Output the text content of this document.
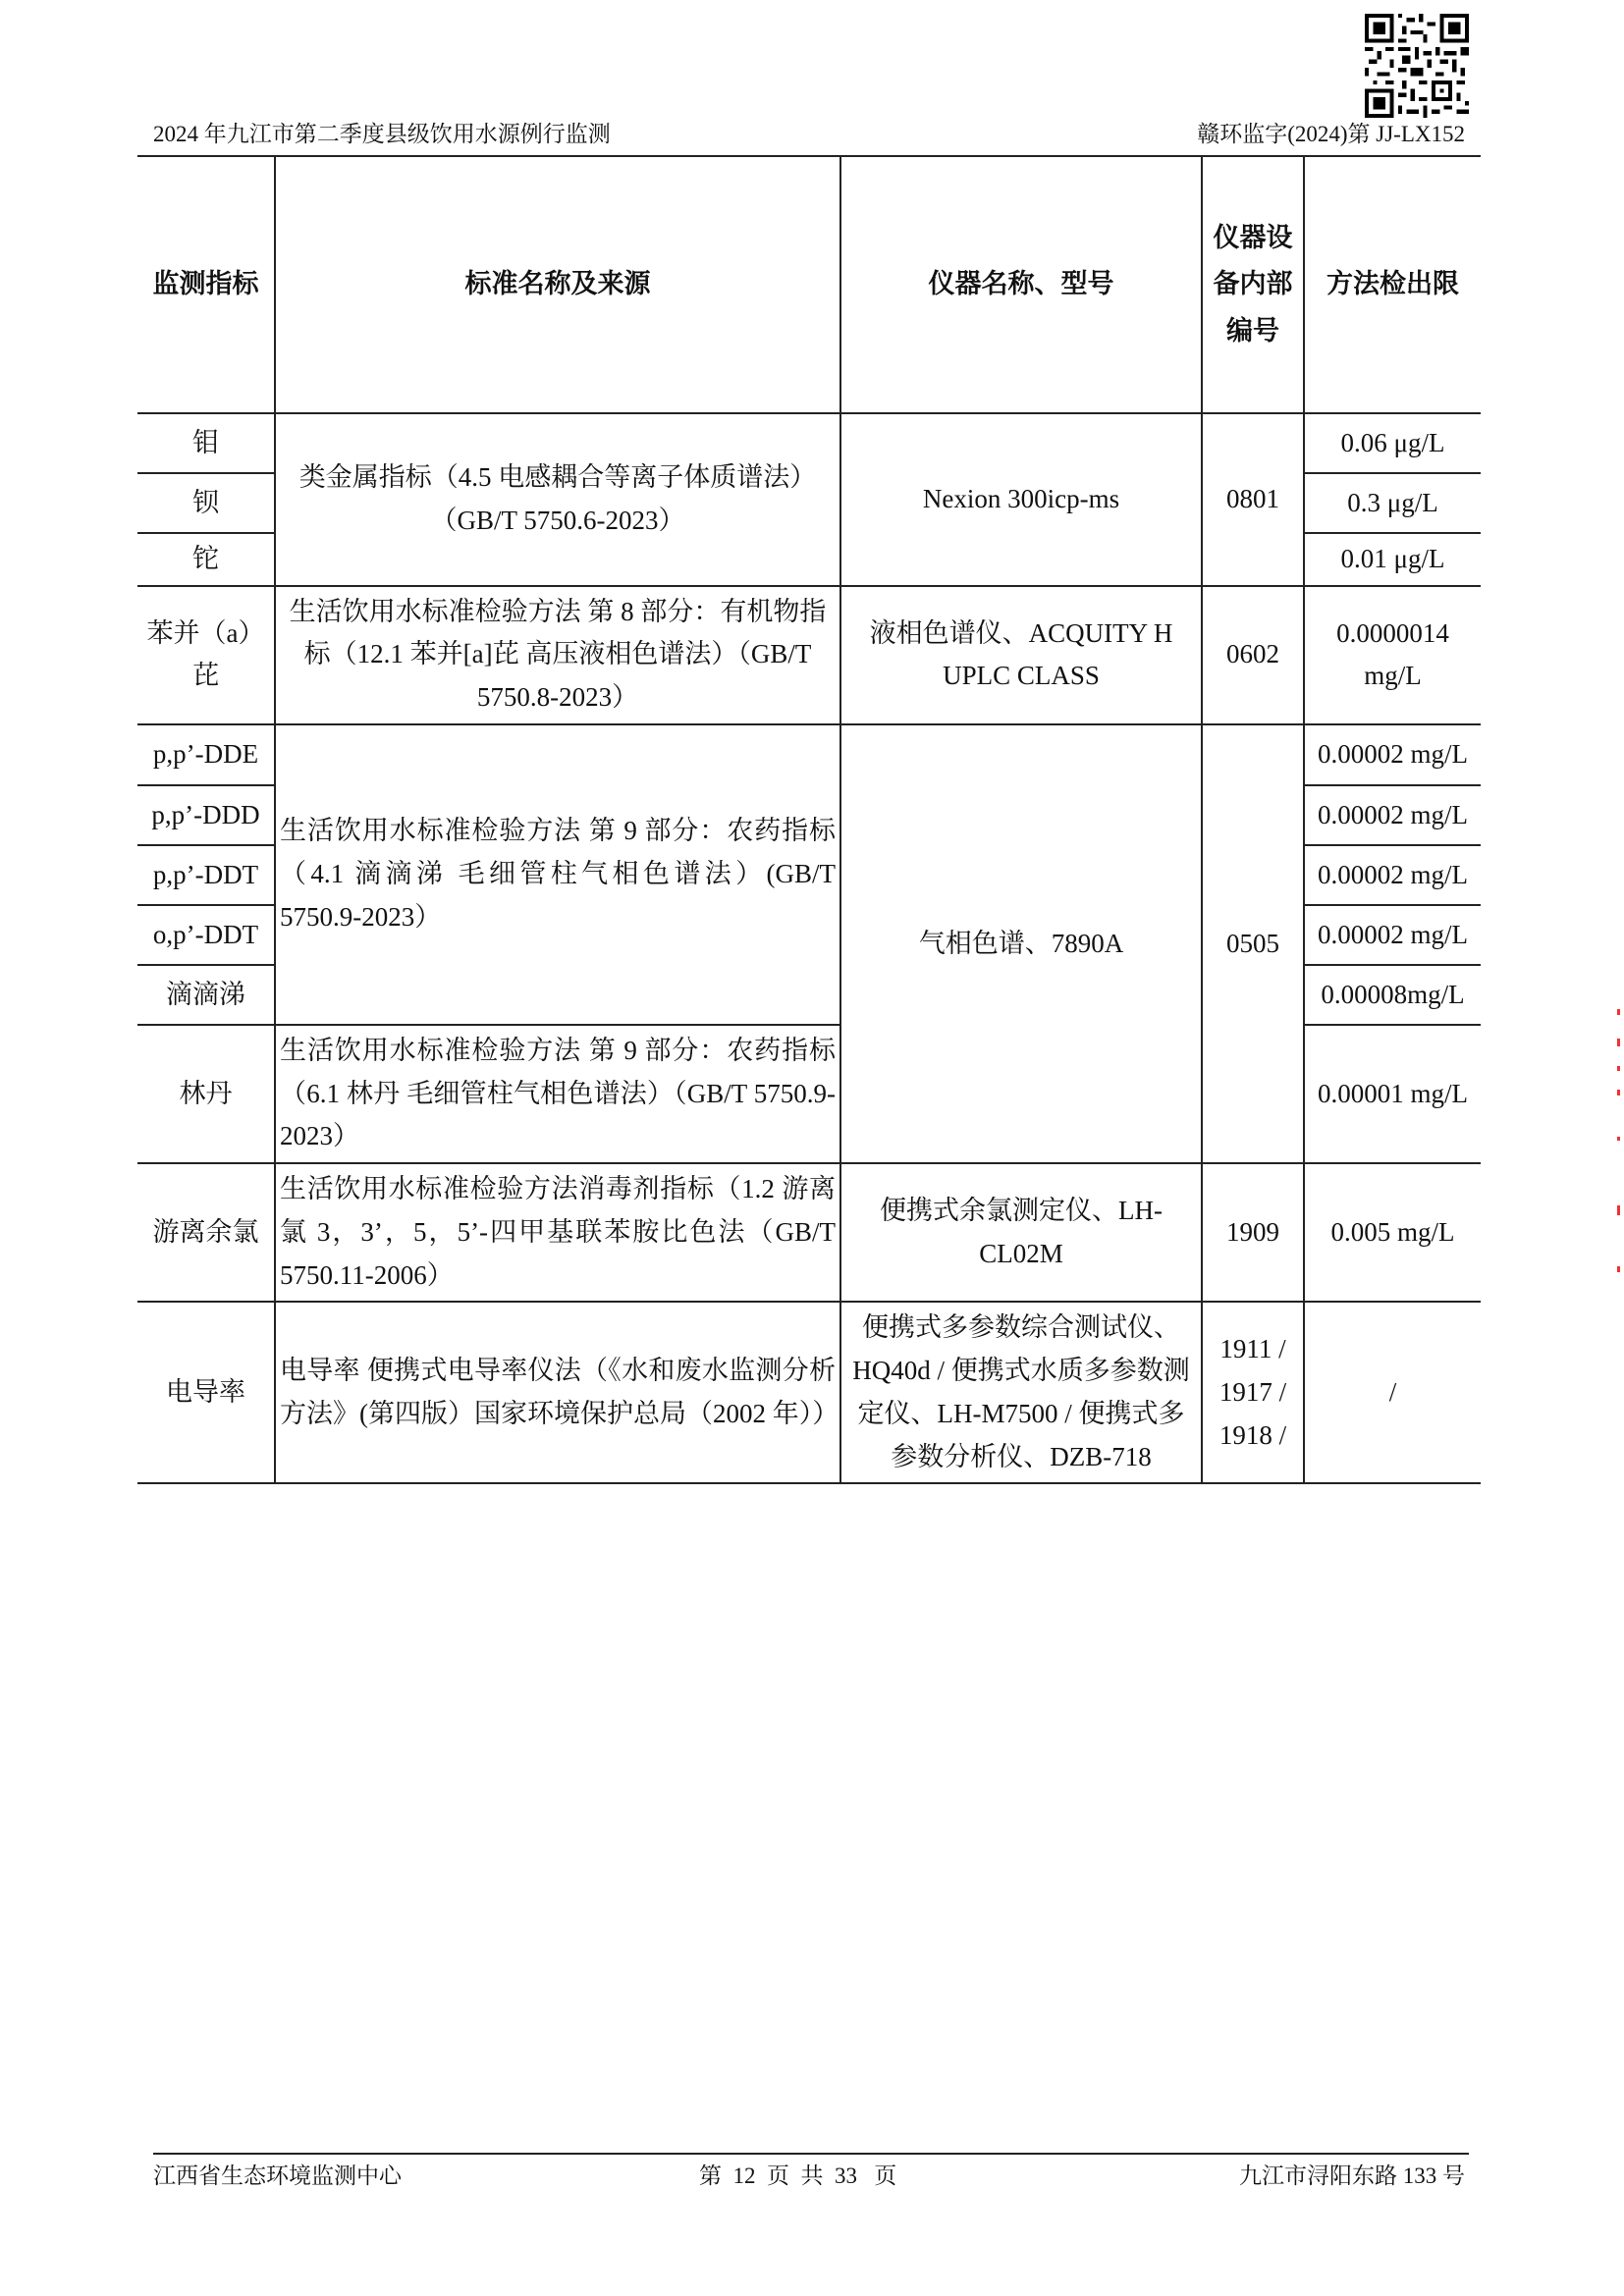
2024 年九江市第二季度县级饮用水源例行监测	赣环监字(2024)第 JJ-LX152
监测指标	标准名称及来源	仪器名称、型号	仪器设备内部编号	方法检出限
钼	类金属指标（4.5 电感耦合等离子体质谱法）（GB/T 5750.6-2023）	Nexion 300icp-ms	0801	0.06 μg/L
钡				0.3 μg/L
铊				0.01 μg/L
苯并（a）芘	生活饮用水标准检验方法 第 8 部分：有机物指标（12.1 苯并[a]芘 高压液相色谱法）（GB/T 5750.8-2023）	液相色谱仪、ACQUITY H UPLC CLASS	0602	0.0000014 mg/L
p,p’-DDE	生活饮用水标准检验方法 第 9 部分：农药指标（4.1 滴滴涕 毛细管柱气相色谱法）(GB/T 5750.9-2023）	气相色谱、7890A	0505	0.00002 mg/L
p,p’-DDD				0.00002 mg/L
p,p’-DDT				0.00002 mg/L
o,p’-DDT				0.00002 mg/L
滴滴涕				0.00008mg/L
林丹	生活饮用水标准检验方法 第 9 部分：农药指标 （6.1 林丹 毛细管柱气相色谱法）（GB/T 5750.9-2023）			0.00001 mg/L
游离余氯	生活饮用水标准检验方法消毒剂指标（1.2 游离氯 3，3’，5，5’-四甲基联苯胺比色法（GB/T 5750.11-2006）	便携式余氯测定仪、LH-CL02M	1909	0.005 mg/L
电导率	电导率 便携式电导率仪法（《水和废水监测分析方法》(第四版）国家环境保护总局（2002 年））	便携式多参数综合测试仪、HQ40d / 便携式水质多参数测定仪、LH-M7500 / 便携式多参数分析仪、DZB-718	1911 / 1917 / 1918 /	/
江西省生态环境监测中心	第  12  页  共  33   页	九江市浔阳东路 133 号
